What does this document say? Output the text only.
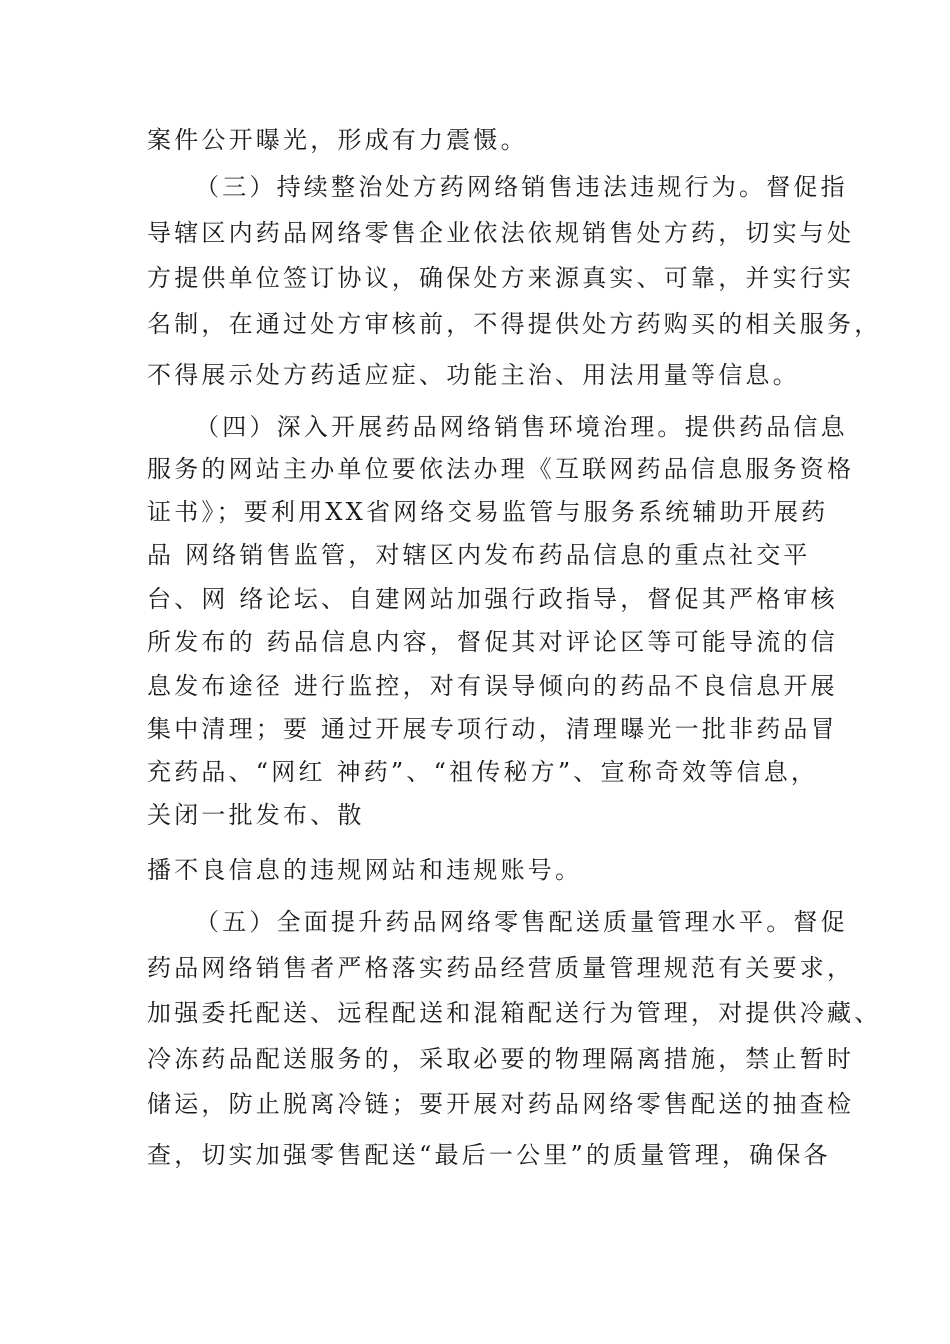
案件公开曝光，形成有力震慑。

（三）持续整治处方药网络销售违法违规行为。督促指

导辖区内药品网络零售企业依法依规销售处方药，切实与处

方提供单位签订协议，确保处方来源真实、可靠，并实行实

名制，在通过处方审核前，不得提供处方药购买的相关服务，

不得展示处方药适应症、功能主治、用法用量等信息。

（四）深入开展药品网络销售环境治理。提供药品信息

服务的网站主办单位要依法办理《互联网药品信息服务资格

证书》；要利用XX省网络交易监管与服务系统辅助开展药

品 网络销售监管，对辖区内发布药品信息的重点社交平

台、网 络论坛、自建网站加强行政指导，督促其严格审核

所发布的 药品信息内容，督促其对评论区等可能导流的信

息发布途径 进行监控，对有误导倾向的药品不良信息开展

集中清理；要 通过开展专项行动，清理曝光一批非药品冒

充药品、“网红 神药”、“祖传秘方”、宣称奇效等信息，

关闭一批发布、散

播不良信息的违规网站和违规账号。

（五）全面提升药品网络零售配送质量管理水平。督促

药品网络销售者严格落实药品经营质量管理规范有关要求，

加强委托配送、远程配送和混箱配送行为管理，对提供冷藏、

冷冻药品配送服务的，采取必要的物理隔离措施，禁止暂时

储运，防止脱离冷链；要开展对药品网络零售配送的抽查检

查，切实加强零售配送“最后一公里”的质量管理，确保各
